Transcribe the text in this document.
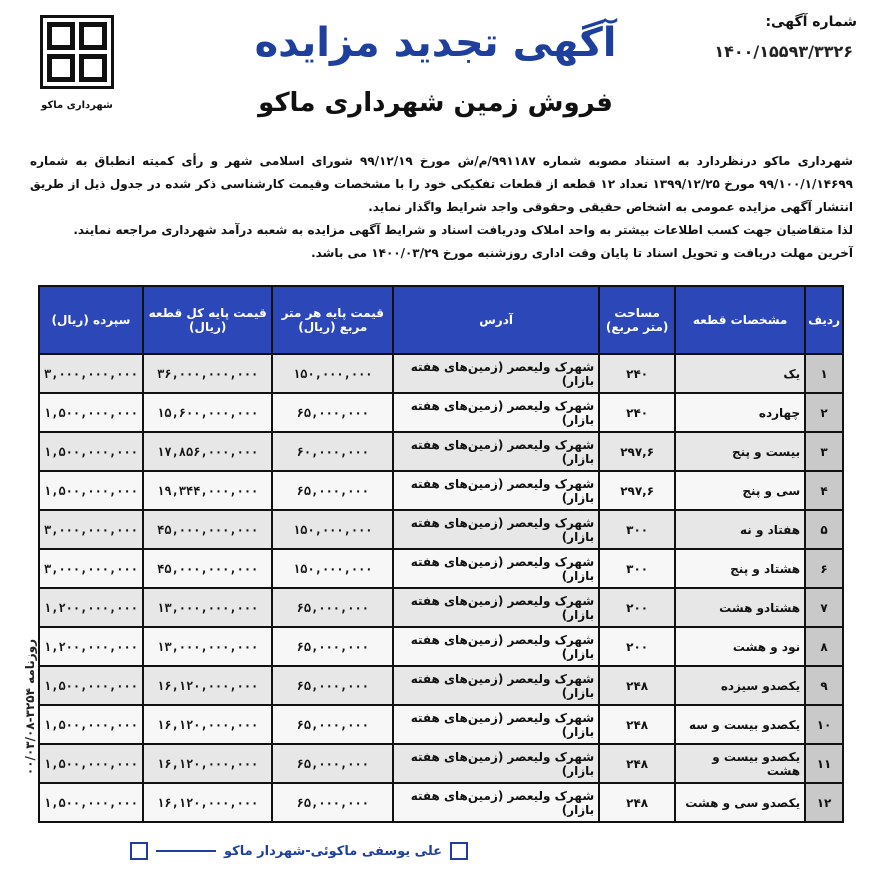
شماره آگهی:
۱۴۰۰/۱۵۵۹۳/۳۳۲۶
آگهی تجدید مزایده
فروش زمین شهرداری ماکو
شهرداری ماکو
شهرداری ماکو درنظردارد به استناد مصوبه شماره ۹۹۱۱۸۷/م/ش مورخ ۹۹/۱۲/۱۹ شورای اسلامی شهر و رأی کمیته انطباق به شماره ۹۹/۱۰۰/۱/۱۴۶۹۹ مورخ ۱۳۹۹/۱۲/۲۵ تعداد ۱۲ قطعه از قطعات تفکیکی خود را با مشخصات وقیمت کارشناسی ذکر شده در جدول ذیل از طریق انتشار آگهی مزایده عمومی به اشخاص حقیقی وحقوقی واجد شرایط واگذار نماید.
لذا متقاضیان جهت کسب اطلاعات بیشتر به واحد املاک ودریافت اسناد و شرایط آگهی مزایده به شعبه درآمد شهرداری مراجعه نمایند.
آخرین مهلت دریافت و تحویل اسناد تا پایان وقت اداری روزشنبه مورخ ۱۴۰۰/۰۳/۲۹ می باشد.
ردیف	مشخصات قطعه	مساحت (متر مربع)	آدرس	قیمت پایه هر متر مربع (ریال)	قیمت پایه کل قطعه (ریال)	سپرده (ریال)
۱	یک	۲۴۰	شهرک ولیعصر (زمین‌های هفته بازار)	۱۵۰,۰۰۰,۰۰۰	۳۶,۰۰۰,۰۰۰,۰۰۰	۳,۰۰۰,۰۰۰,۰۰۰
۲	چهارده	۲۴۰	شهرک ولیعصر (زمین‌های هفته بازار)	۶۵,۰۰۰,۰۰۰	۱۵,۶۰۰,۰۰۰,۰۰۰	۱,۵۰۰,۰۰۰,۰۰۰
۳	بیست و پنج	۲۹۷,۶	شهرک ولیعصر (زمین‌های هفته بازار)	۶۰,۰۰۰,۰۰۰	۱۷,۸۵۶,۰۰۰,۰۰۰	۱,۵۰۰,۰۰۰,۰۰۰
۴	سی و پنج	۲۹۷,۶	شهرک ولیعصر (زمین‌های هفته بازار)	۶۵,۰۰۰,۰۰۰	۱۹,۳۴۴,۰۰۰,۰۰۰	۱,۵۰۰,۰۰۰,۰۰۰
۵	هفتاد و نه	۳۰۰	شهرک ولیعصر (زمین‌های هفته بازار)	۱۵۰,۰۰۰,۰۰۰	۴۵,۰۰۰,۰۰۰,۰۰۰	۳,۰۰۰,۰۰۰,۰۰۰
۶	هشتاد و پنج	۳۰۰	شهرک ولیعصر (زمین‌های هفته بازار)	۱۵۰,۰۰۰,۰۰۰	۴۵,۰۰۰,۰۰۰,۰۰۰	۳,۰۰۰,۰۰۰,۰۰۰
۷	هشتادو هشت	۲۰۰	شهرک ولیعصر (زمین‌های هفته بازار)	۶۵,۰۰۰,۰۰۰	۱۳,۰۰۰,۰۰۰,۰۰۰	۱,۲۰۰,۰۰۰,۰۰۰
۸	نود و هشت	۲۰۰	شهرک ولیعصر (زمین‌های هفته بازار)	۶۵,۰۰۰,۰۰۰	۱۳,۰۰۰,۰۰۰,۰۰۰	۱,۲۰۰,۰۰۰,۰۰۰
۹	یکصدو سیزده	۲۴۸	شهرک ولیعصر (زمین‌های هفته بازار)	۶۵,۰۰۰,۰۰۰	۱۶,۱۲۰,۰۰۰,۰۰۰	۱,۵۰۰,۰۰۰,۰۰۰
۱۰	یکصدو بیست و سه	۲۴۸	شهرک ولیعصر (زمین‌های هفته بازار)	۶۵,۰۰۰,۰۰۰	۱۶,۱۲۰,۰۰۰,۰۰۰	۱,۵۰۰,۰۰۰,۰۰۰
۱۱	یکصدو بیست و هشت	۲۴۸	شهرک ولیعصر (زمین‌های هفته بازار)	۶۵,۰۰۰,۰۰۰	۱۶,۱۲۰,۰۰۰,۰۰۰	۱,۵۰۰,۰۰۰,۰۰۰
۱۲	یکصدو سی و هشت	۲۴۸	شهرک ولیعصر (زمین‌های هفته بازار)	۶۵,۰۰۰,۰۰۰	۱۶,۱۲۰,۰۰۰,۰۰۰	۱,۵۰۰,۰۰۰,۰۰۰
روزنامه ۳۲۵۴-۰۰/۰۳/۰۸
علی یوسفی ماکوئی-شهردار ماکو
